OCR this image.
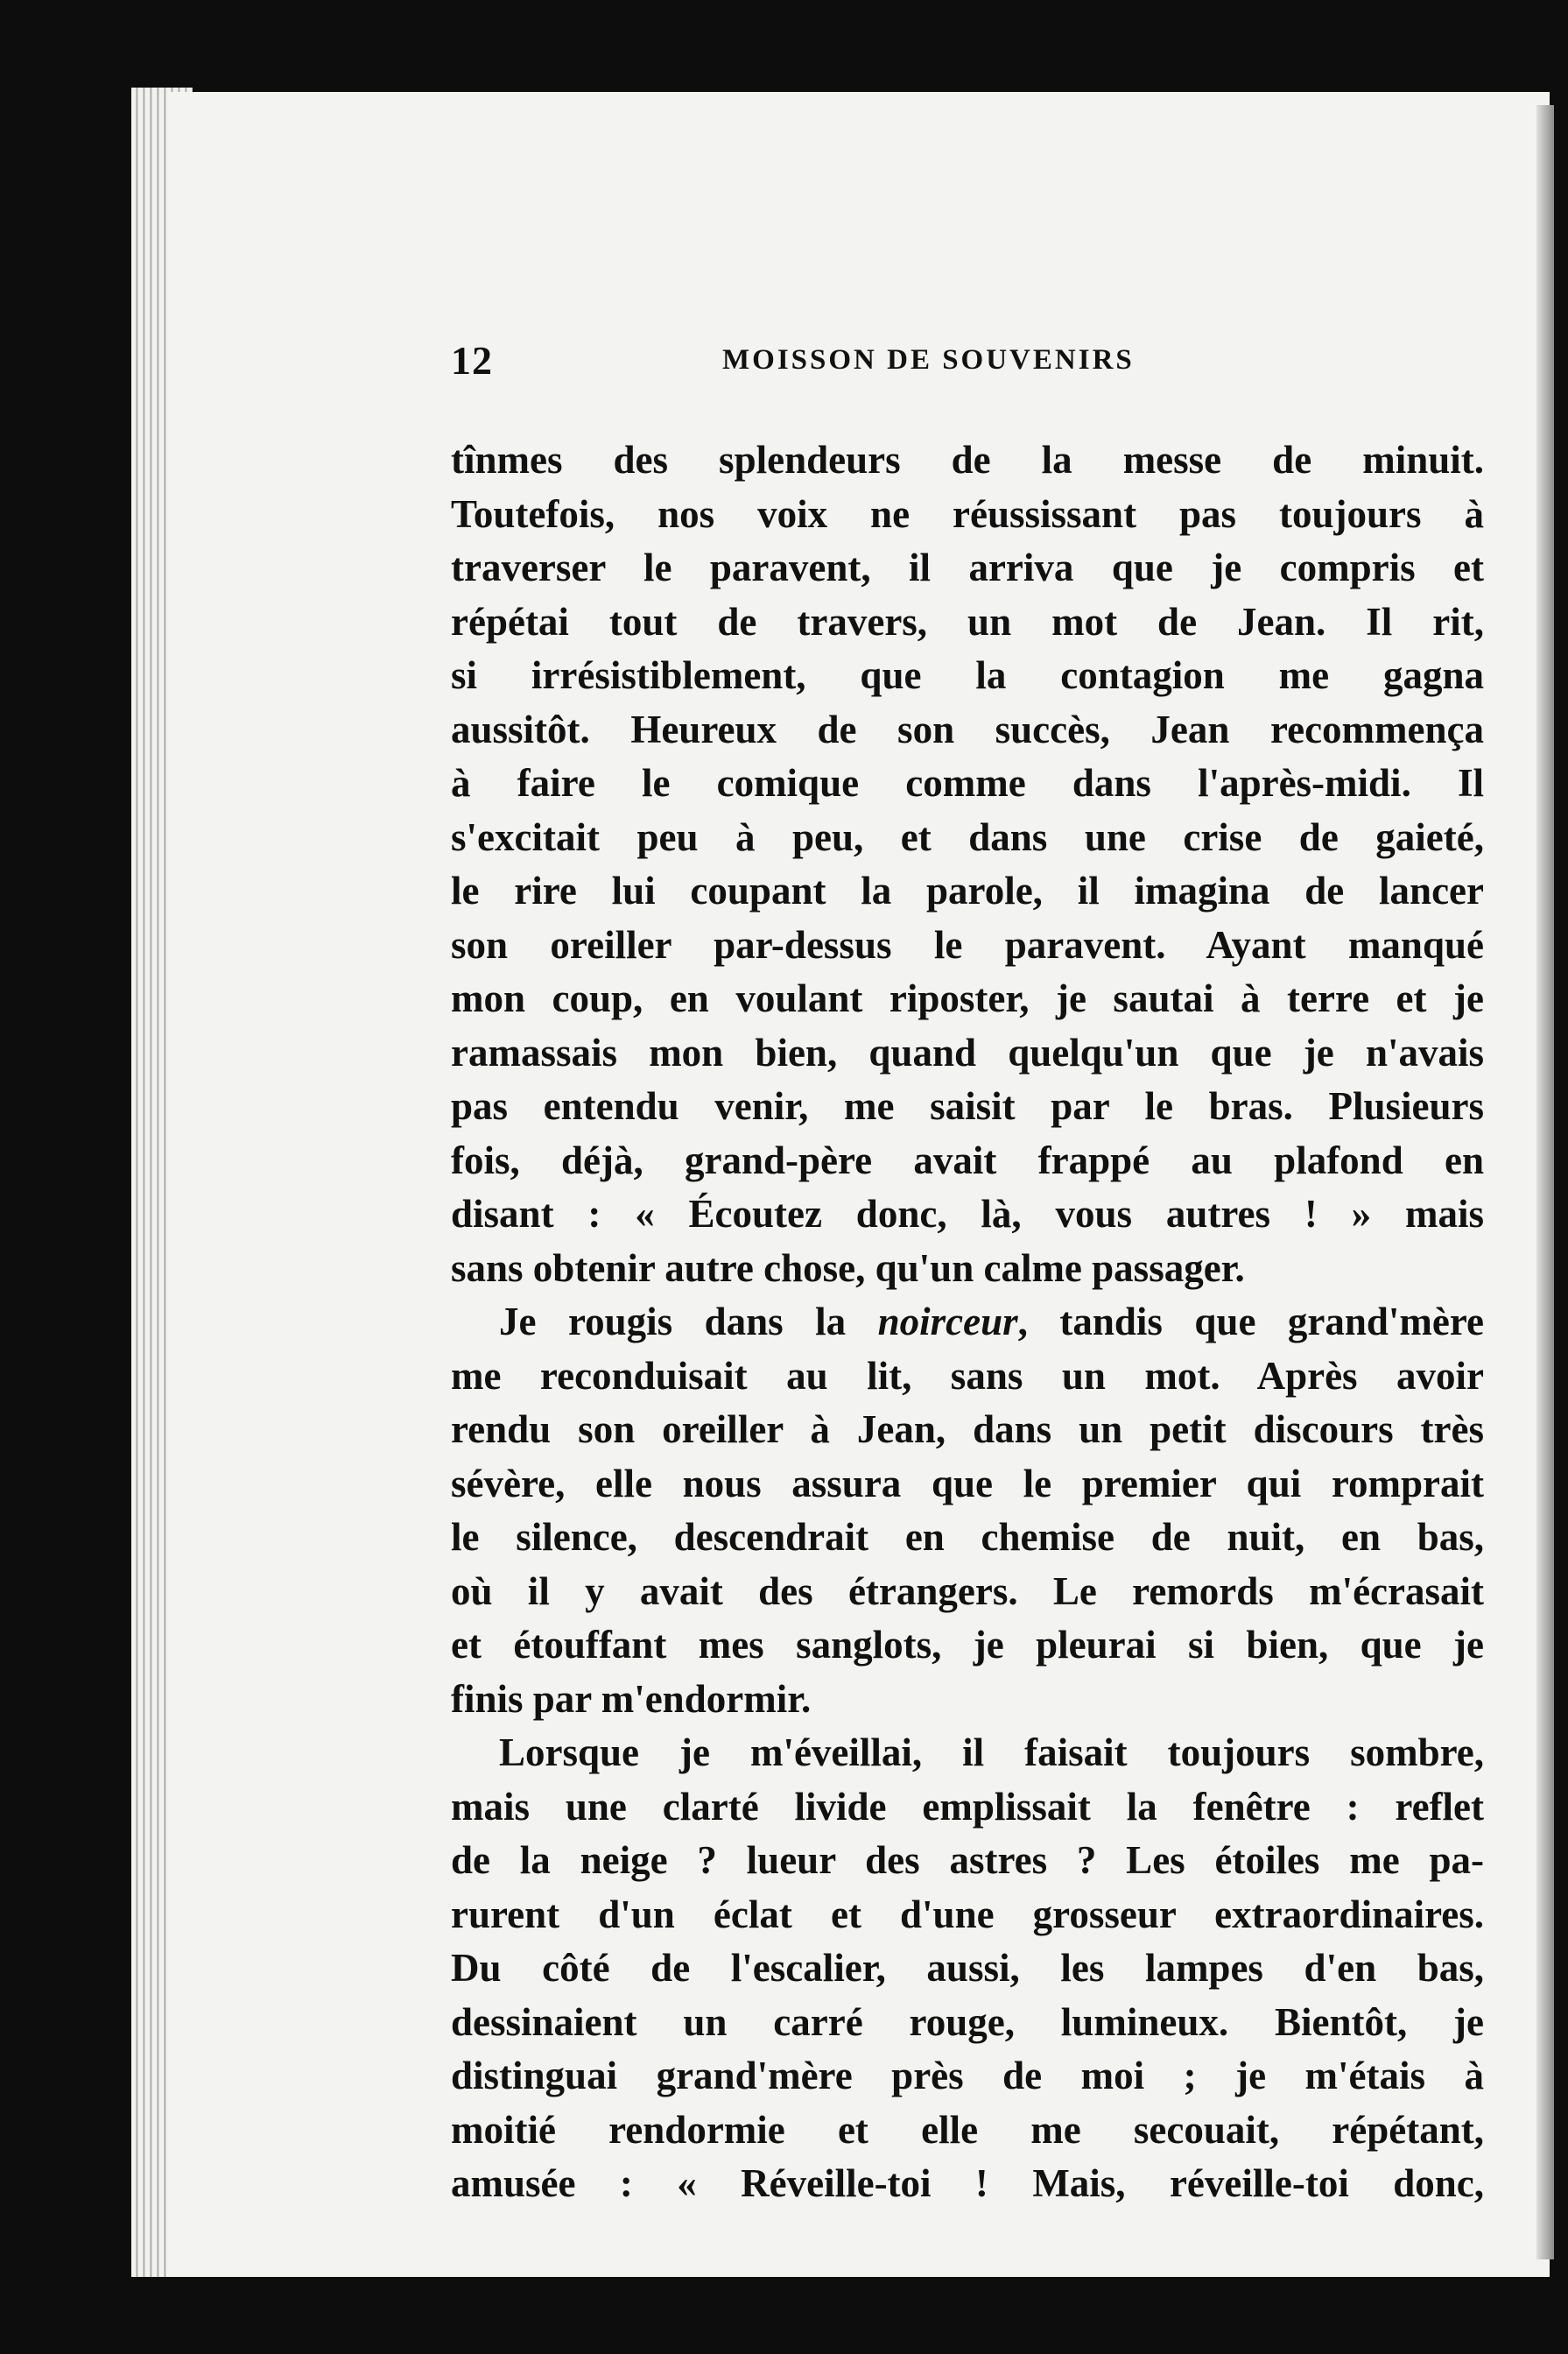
12	MOISSON DE SOUVENIRS
tînmes des splendeurs de la messe de minuit.
Toutefois, nos voix ne réussissant pas toujours à
traverser le paravent, il arriva que je compris et
répétai tout de travers, un mot de Jean. Il rit,
si irrésistiblement, que la contagion me gagna
aussitôt. Heureux de son succès, Jean recommença
à faire le comique comme dans l'après-midi. Il
s'excitait peu à peu, et dans une crise de gaieté,
le rire lui coupant la parole, il imagina de lancer
son oreiller par-dessus le paravent. Ayant manqué
mon coup, en voulant riposter, je sautai à terre et je
ramassais mon bien, quand quelqu'un que je n'avais
pas entendu venir, me saisit par le bras. Plusieurs
fois, déjà, grand-père avait frappé au plafond en
disant : « Écoutez donc, là, vous autres ! » mais
sans obtenir autre chose, qu'un calme passager.
Je rougis dans la noirceur, tandis que grand'mère
me reconduisait au lit, sans un mot. Après avoir
rendu son oreiller à Jean, dans un petit discours très
sévère, elle nous assura que le premier qui romprait
le silence, descendrait en chemise de nuit, en bas,
où il y avait des étrangers. Le remords m'écrasait
et étouffant mes sanglots, je pleurai si bien, que je
finis par m'endormir.
Lorsque je m'éveillai, il faisait toujours sombre,
mais une clarté livide emplissait la fenêtre : reflet
de la neige ? lueur des astres ? Les étoiles me pa-
rurent d'un éclat et d'une grosseur extraordinaires.
Du côté de l'escalier, aussi, les lampes d'en bas,
dessinaient un carré rouge, lumineux. Bientôt, je
distinguai grand'mère près de moi ; je m'étais à
moitié rendormie et elle me secouait, répétant,
amusée : « Réveille-toi ! Mais, réveille-toi donc,
